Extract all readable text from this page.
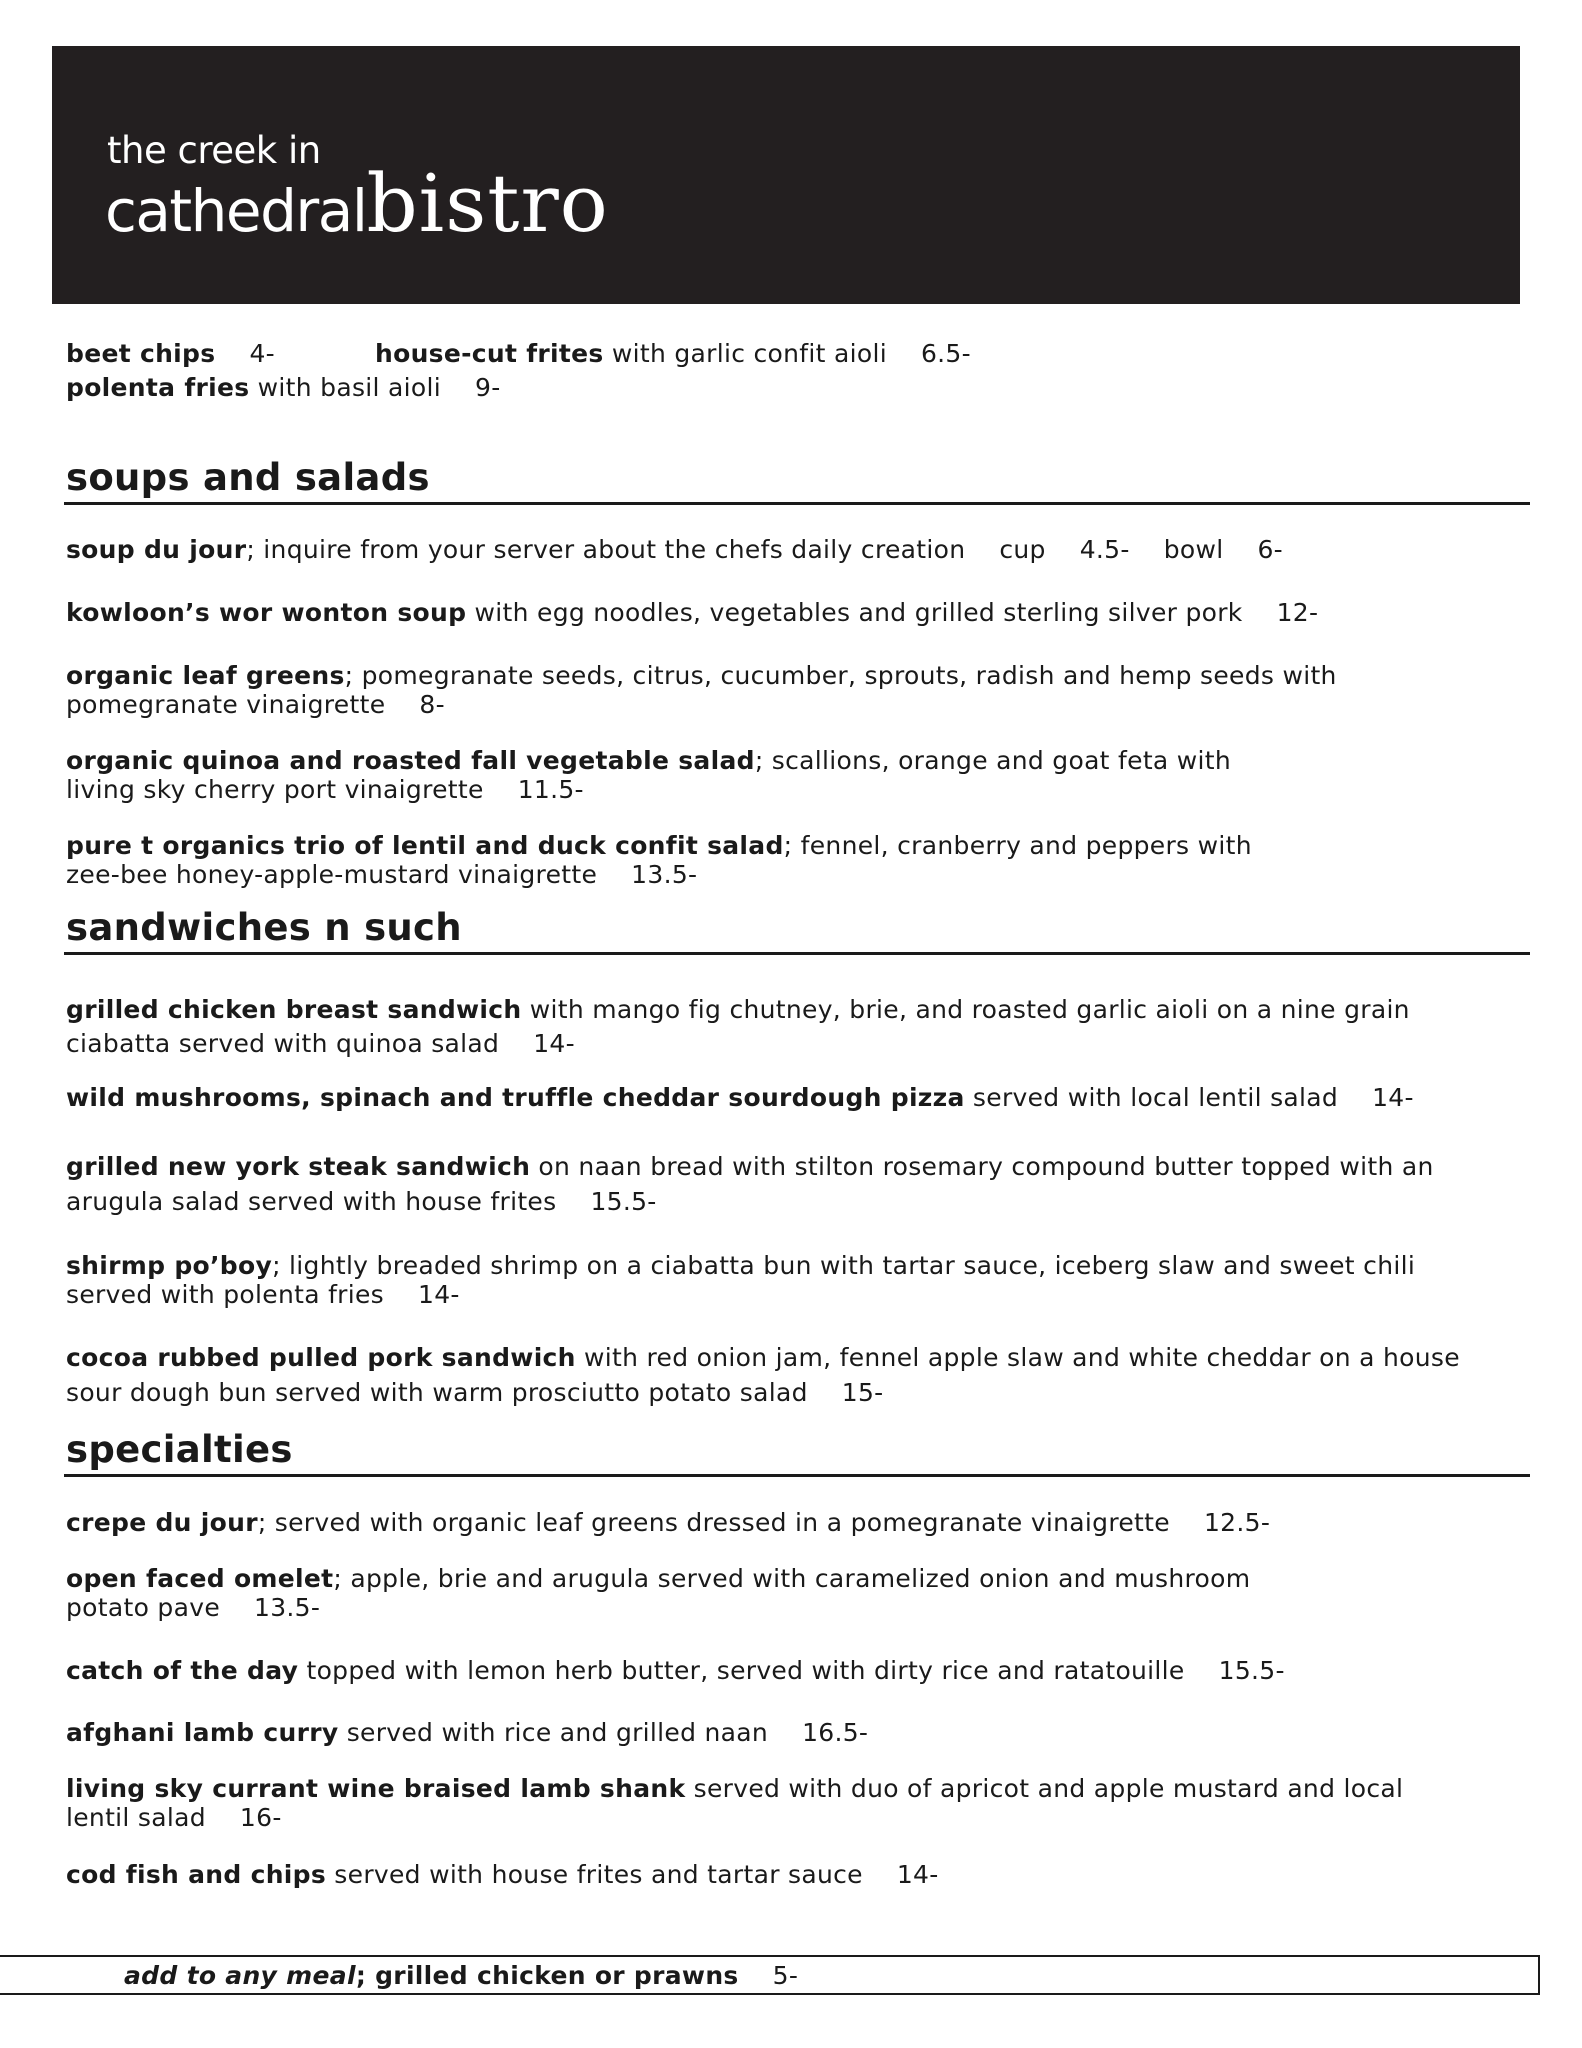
the creek in
cathedralbistro
beet chips 4-	house-cut frites with garlic confit aioli 6.5-
polenta fries with basil aioli 9-
soups and salads
soup du jour; inquire from your server about the chefs daily creation cup 4.5- bowl 6-
kowloon’s wor wonton soup with egg noodles, vegetables and grilled sterling silver pork 12-
organic leaf greens; pomegranate seeds, citrus, cucumber, sprouts, radish and hemp seeds with
pomegranate vinaigrette 8-
organic quinoa and roasted fall vegetable salad; scallions, orange and goat feta with
living sky cherry port vinaigrette 11.5-
pure t organics trio of lentil and duck confit salad; fennel, cranberry and peppers with
zee-bee honey-apple-mustard vinaigrette 13.5-
sandwiches n such
grilled chicken breast sandwich with mango fig chutney, brie, and roasted garlic aioli on a nine grain
ciabatta served with quinoa salad 14-
wild mushrooms, spinach and truffle cheddar sourdough pizza served with local lentil salad 14-
grilled new york steak sandwich on naan bread with stilton rosemary compound butter topped with an
arugula salad served with house frites 15.5-
shirmp po’boy; lightly breaded shrimp on a ciabatta bun with tartar sauce, iceberg slaw and sweet chili
served with polenta fries 14-
cocoa rubbed pulled pork sandwich with red onion jam, fennel apple slaw and white cheddar on a house
sour dough bun served with warm prosciutto potato salad 15-
specialties
crepe du jour; served with organic leaf greens dressed in a pomegranate vinaigrette 12.5-
open faced omelet; apple, brie and arugula served with caramelized onion and mushroom
potato pave 13.5-
catch of the day topped with lemon herb butter, served with dirty rice and ratatouille 15.5-
afghani lamb curry served with rice and grilled naan 16.5-
living sky currant wine braised lamb shank served with duo of apricot and apple mustard and local
lentil salad 16-
cod fish and chips served with house frites and tartar sauce 14-
add to any meal; grilled chicken or prawns 5-
